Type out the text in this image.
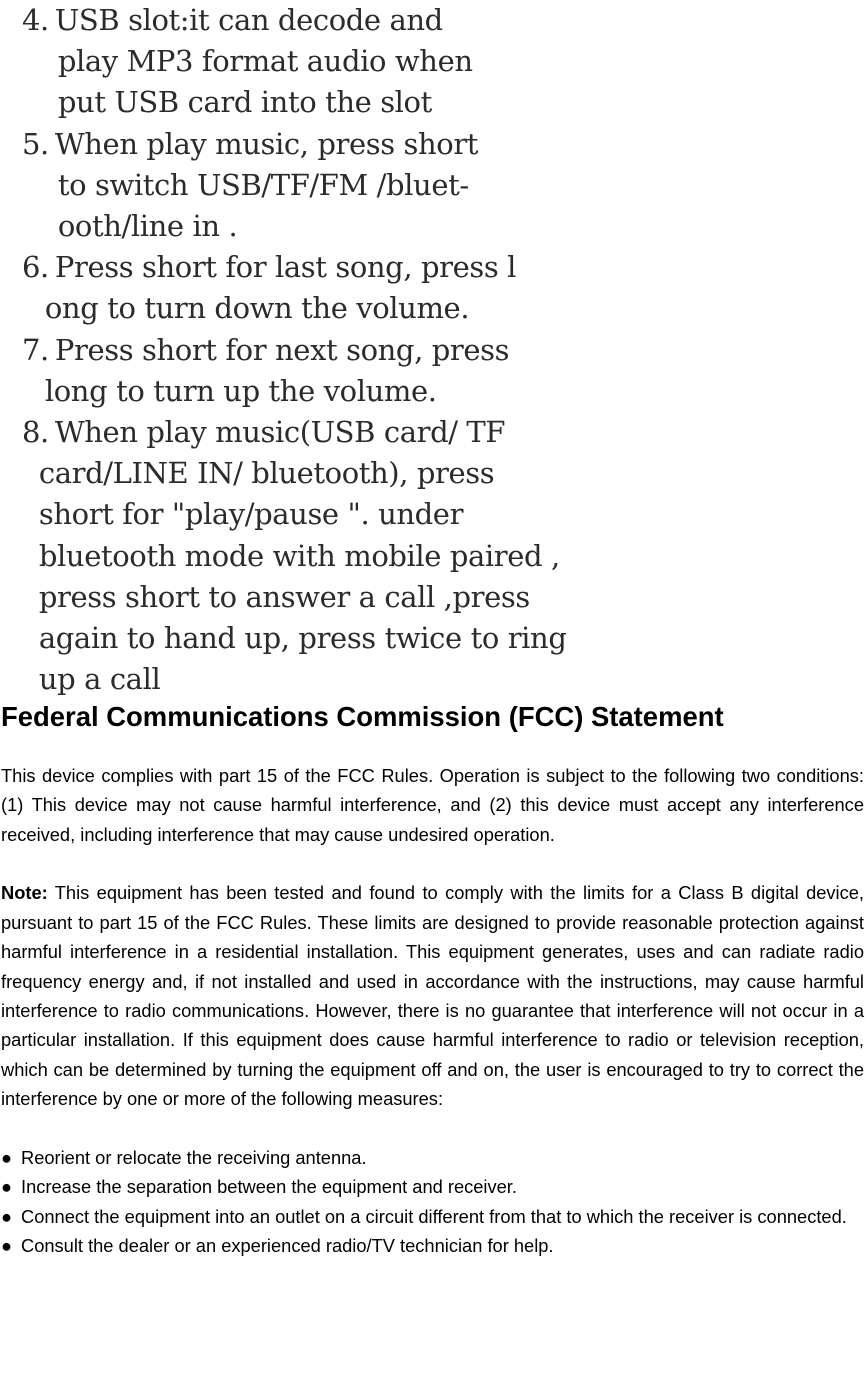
4. USB slot:it can decode and
play MP3 format audio when
put USB card into the slot
5. When play music, press short
to switch USB/TF/FM /bluet-
ooth/line in .
6. Press short for last song, press l
ong to turn down the volume.
7. Press short for next song, press
long to turn up the volume.
8. When play music(USB card/ TF
card/LINE IN/ bluetooth), press
short for "play/pause ". under
bluetooth mode with mobile paired ,
press short to answer a call ,press
again to hand up, press twice to ring
up a call
Federal Communications Commission (FCC) Statement

This device complies with part 15 of the FCC Rules. Operation is subject to the following two conditions: (1) This device may not cause harmful interference, and (2) this device must accept any interference received, including interference that may cause undesired operation.

Note: This equipment has been tested and found to comply with the limits for a Class B digital device, pursuant to part 15 of the FCC Rules. These limits are designed to provide reasonable protection against harmful interference in a residential installation. This equipment generates, uses and can radiate radio frequency energy and, if not installed and used in accordance with the instructions, may cause harmful interference to radio communications. However, there is no guarantee that interference will not occur in a particular installation. If this equipment does cause harmful interference to radio or television reception, which can be determined by turning the equipment off and on, the user is encouraged to try to correct the interference by one or more of the following measures:

● Reorient or relocate the receiving antenna.
● Increase the separation between the equipment and receiver.
● Connect the equipment into an outlet on a circuit different from that to which the receiver is connected.
● Consult the dealer or an experienced radio/TV technician for help.
